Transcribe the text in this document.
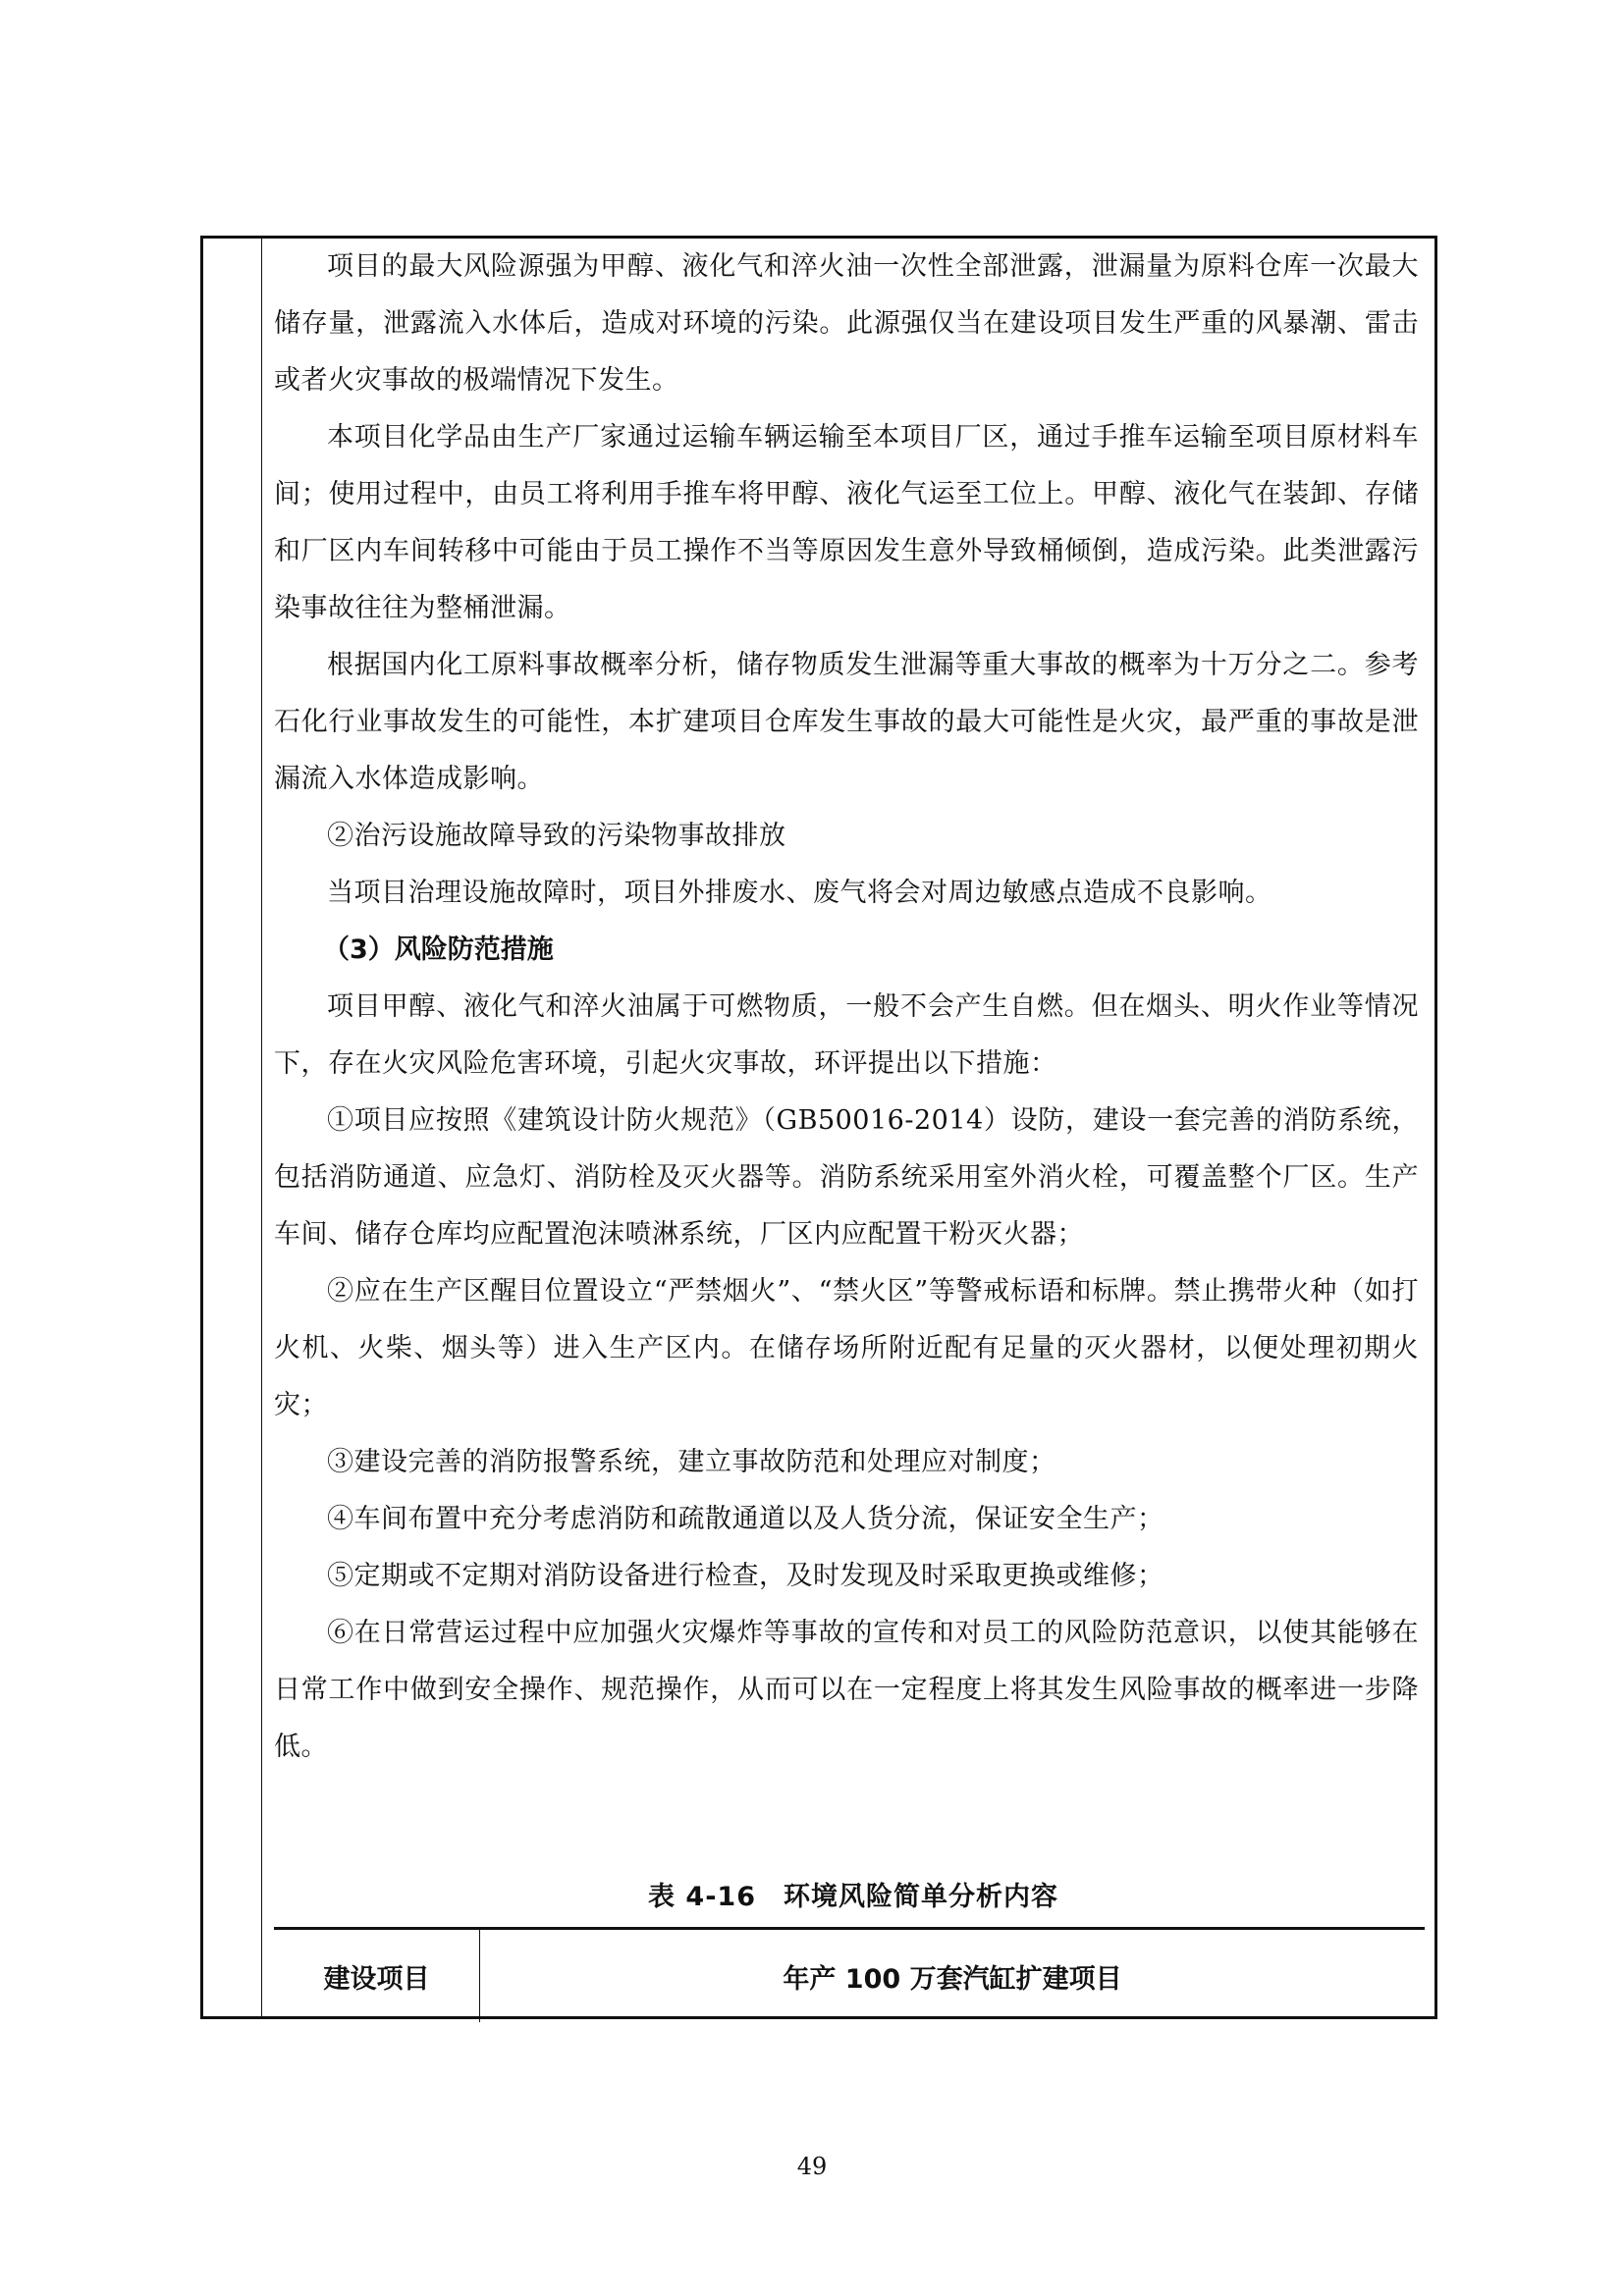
项目的最大风险源强为甲醇、液化气和淬火油一次性全部泄露，泄漏量为原料仓库一次最大储存量，泄露流入水体后，造成对环境的污染。此源强仅当在建设项目发生严重的风暴潮、雷击或者火灾事故的极端情况下发生。

本项目化学品由生产厂家通过运输车辆运输至本项目厂区，通过手推车运输至项目原材料车间；使用过程中，由员工将利用手推车将甲醇、液化气运至工位上。甲醇、液化气在装卸、存储和厂区内车间转移中可能由于员工操作不当等原因发生意外导致桶倾倒，造成污染。此类泄露污染事故往往为整桶泄漏。

根据国内化工原料事故概率分析，储存物质发生泄漏等重大事故的概率为十万分之二。参考石化行业事故发生的可能性，本扩建项目仓库发生事故的最大可能性是火灾，最严重的事故是泄漏流入水体造成影响。

②治污设施故障导致的污染物事故排放

当项目治理设施故障时，项目外排废水、废气将会对周边敏感点造成不良影响。

（3）风险防范措施

项目甲醇、液化气和淬火油属于可燃物质，一般不会产生自燃。但在烟头、明火作业等情况下，存在火灾风险危害环境，引起火灾事故，环评提出以下措施：

①项目应按照《建筑设计防火规范》（GB50016-2014）设防，建设一套完善的消防系统，包括消防通道、应急灯、消防栓及灭火器等。消防系统采用室外消火栓，可覆盖整个厂区。生产车间、储存仓库均应配置泡沫喷淋系统，厂区内应配置干粉灭火器；

②应在生产区醒目位置设立“严禁烟火”、“禁火区”等警戒标语和标牌。禁止携带火种（如打火机、火柴、烟头等）进入生产区内。在储存场所附近配有足量的灭火器材，以便处理初期火灾；

③建设完善的消防报警系统，建立事故防范和处理应对制度；

④车间布置中充分考虑消防和疏散通道以及人货分流，保证安全生产；

⑤定期或不定期对消防设备进行检查，及时发现及时采取更换或维修；

⑥在日常营运过程中应加强火灾爆炸等事故的宣传和对员工的风险防范意识，以使其能够在日常工作中做到安全操作、规范操作，从而可以在一定程度上将其发生风险事故的概率进一步降低。

表 4-16　环境风险简单分析内容
建设项目	年产 100 万套汽缸扩建项目
49
